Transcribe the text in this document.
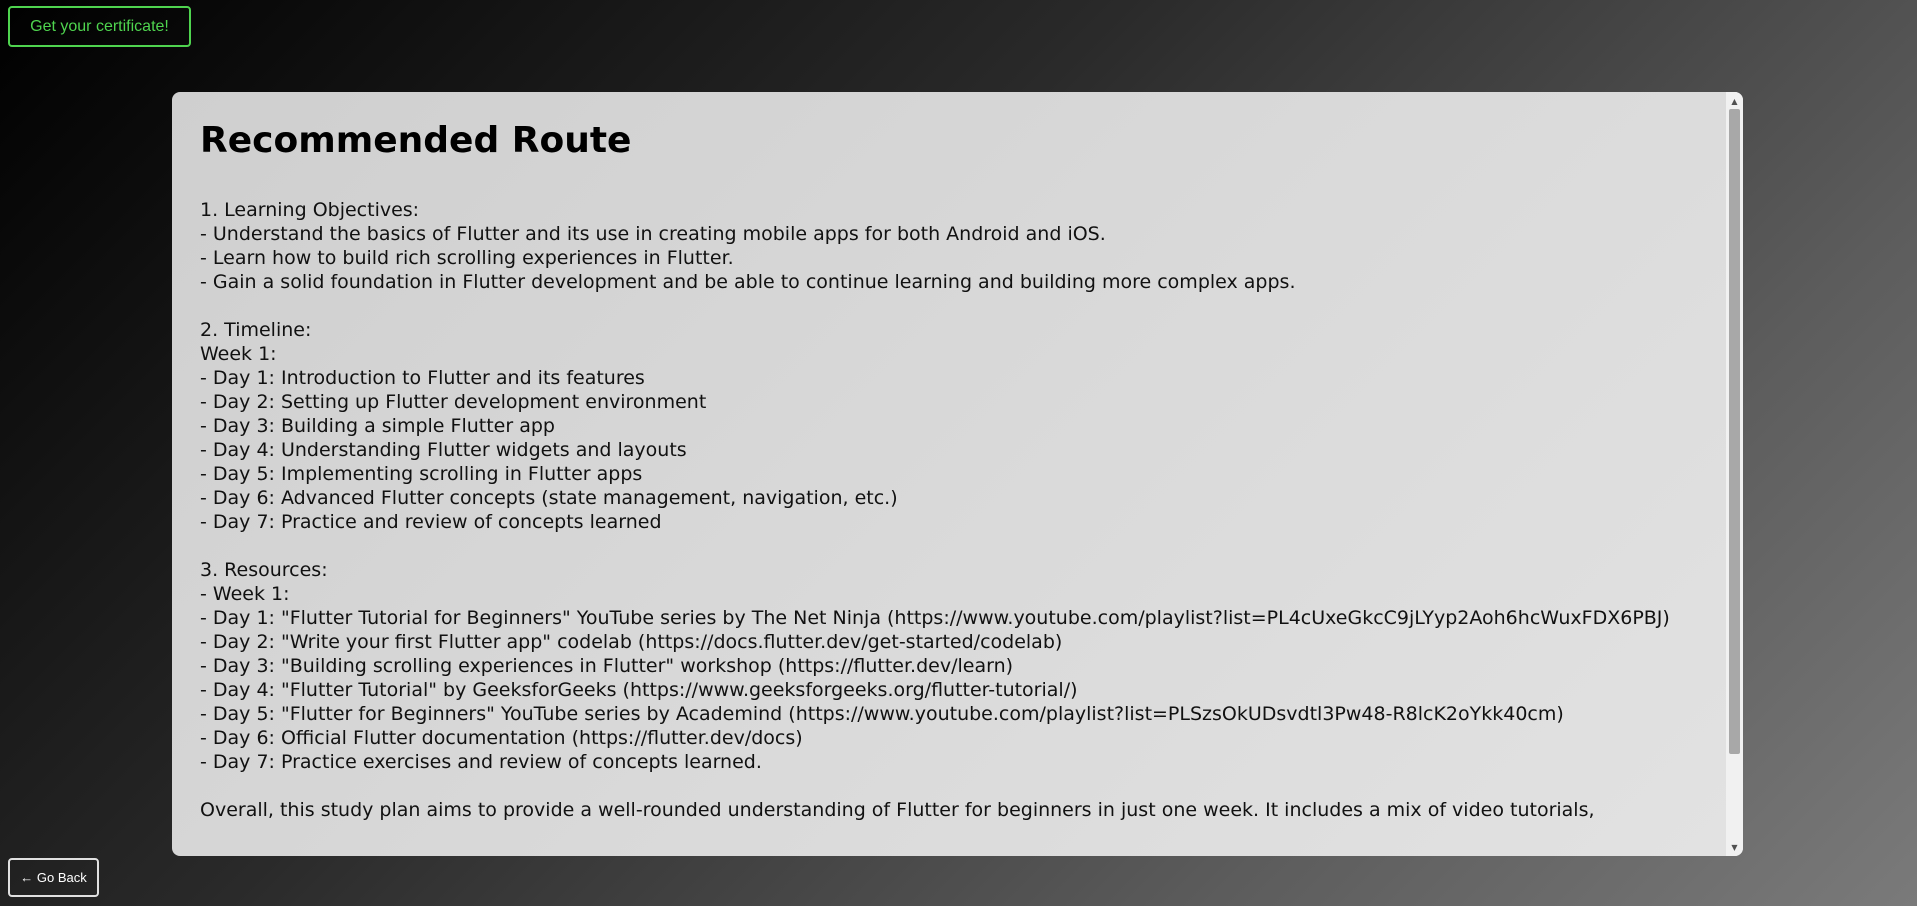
Get your certificate!
Recommended Route
1. Learning Objectives:
- Understand the basics of Flutter and its use in creating mobile apps for both Android and iOS.
- Learn how to build rich scrolling experiences in Flutter.
- Gain a solid foundation in Flutter development and be able to continue learning and building more complex apps.

2. Timeline:
Week 1:
- Day 1: Introduction to Flutter and its features
- Day 2: Setting up Flutter development environment
- Day 3: Building a simple Flutter app
- Day 4: Understanding Flutter widgets and layouts
- Day 5: Implementing scrolling in Flutter apps
- Day 6: Advanced Flutter concepts (state management, navigation, etc.)
- Day 7: Practice and review of concepts learned

3. Resources:
- Week 1:
- Day 1: "Flutter Tutorial for Beginners" YouTube series by The Net Ninja (https://www.youtube.com/playlist?list=PL4cUxeGkcC9jLYyp2Aoh6hcWuxFDX6PBJ)
- Day 2: "Write your first Flutter app" codelab (https://docs.flutter.dev/get-started/codelab)
- Day 3: "Building scrolling experiences in Flutter" workshop (https://flutter.dev/learn)
- Day 4: "Flutter Tutorial" by GeeksforGeeks (https://www.geeksforgeeks.org/flutter-tutorial/)
- Day 5: "Flutter for Beginners" YouTube series by Academind (https://www.youtube.com/playlist?list=PLSzsOkUDsvdtl3Pw48-R8lcK2oYkk40cm)
- Day 6: Official Flutter documentation (https://flutter.dev/docs)
- Day 7: Practice exercises and review of concepts learned.

Overall, this study plan aims to provide a well-rounded understanding of Flutter for beginners in just one week. It includes a mix of video tutorials,
▲
▼
← Go Back
